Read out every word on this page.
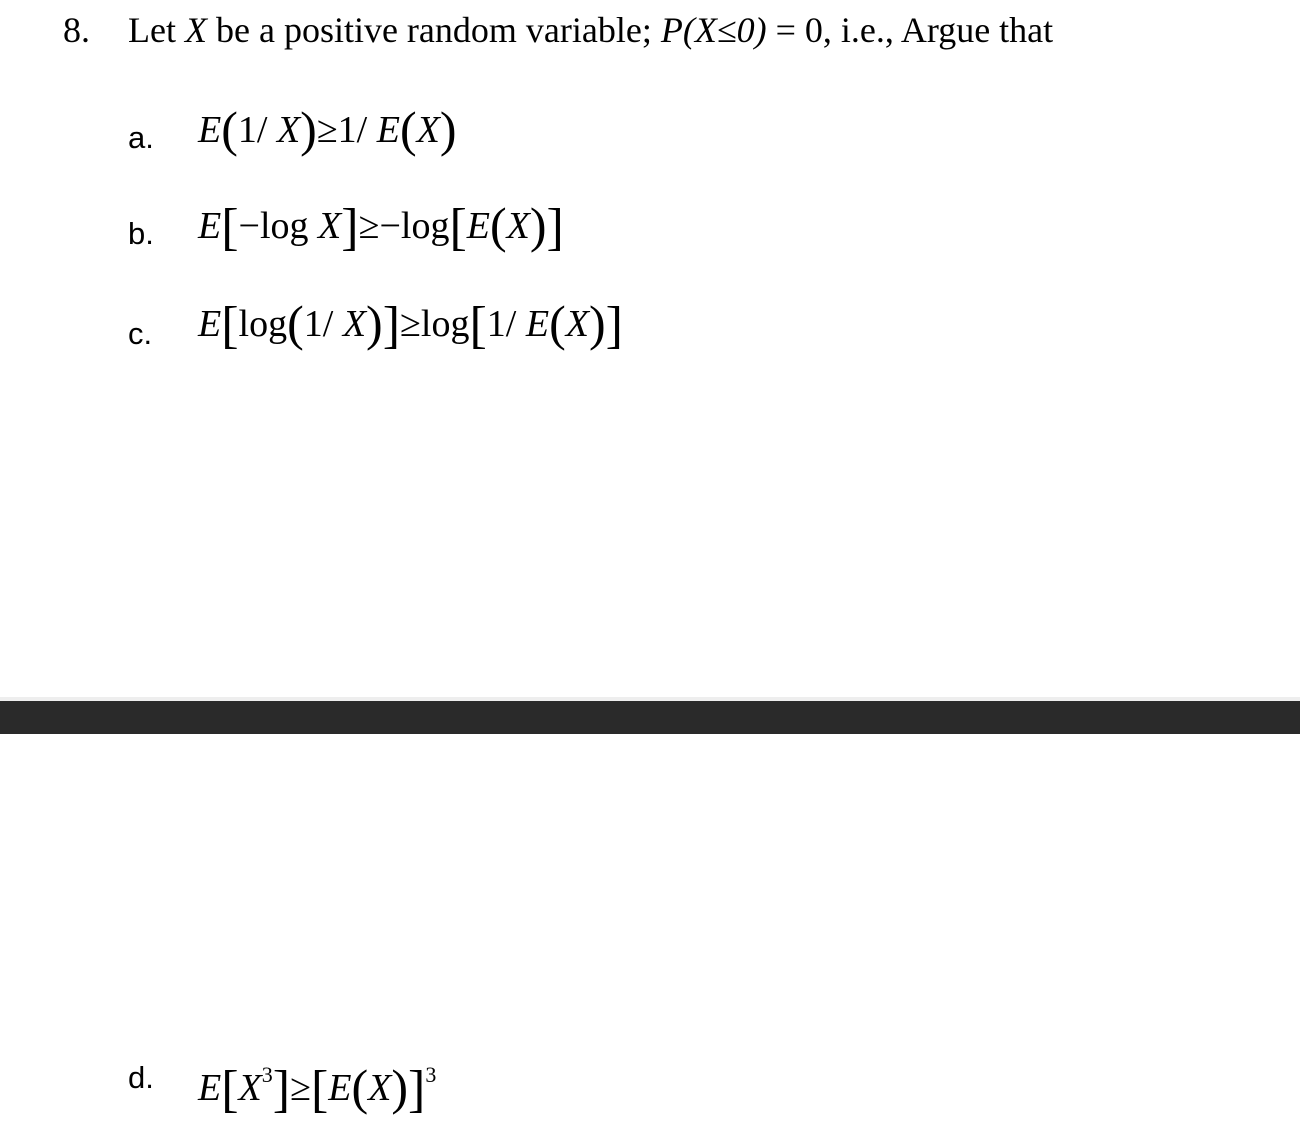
8. Let X be a positive random variable; P(X≤0) = 0, i.e., Argue that
a. E(1/ X)≥1/ E(X)
b. E[−log X]≥−log[E(X)]
c. E[log(1/ X)]≥log[1/ E(X)]
d. $E[X^3]\ge[E(X)]^3$
